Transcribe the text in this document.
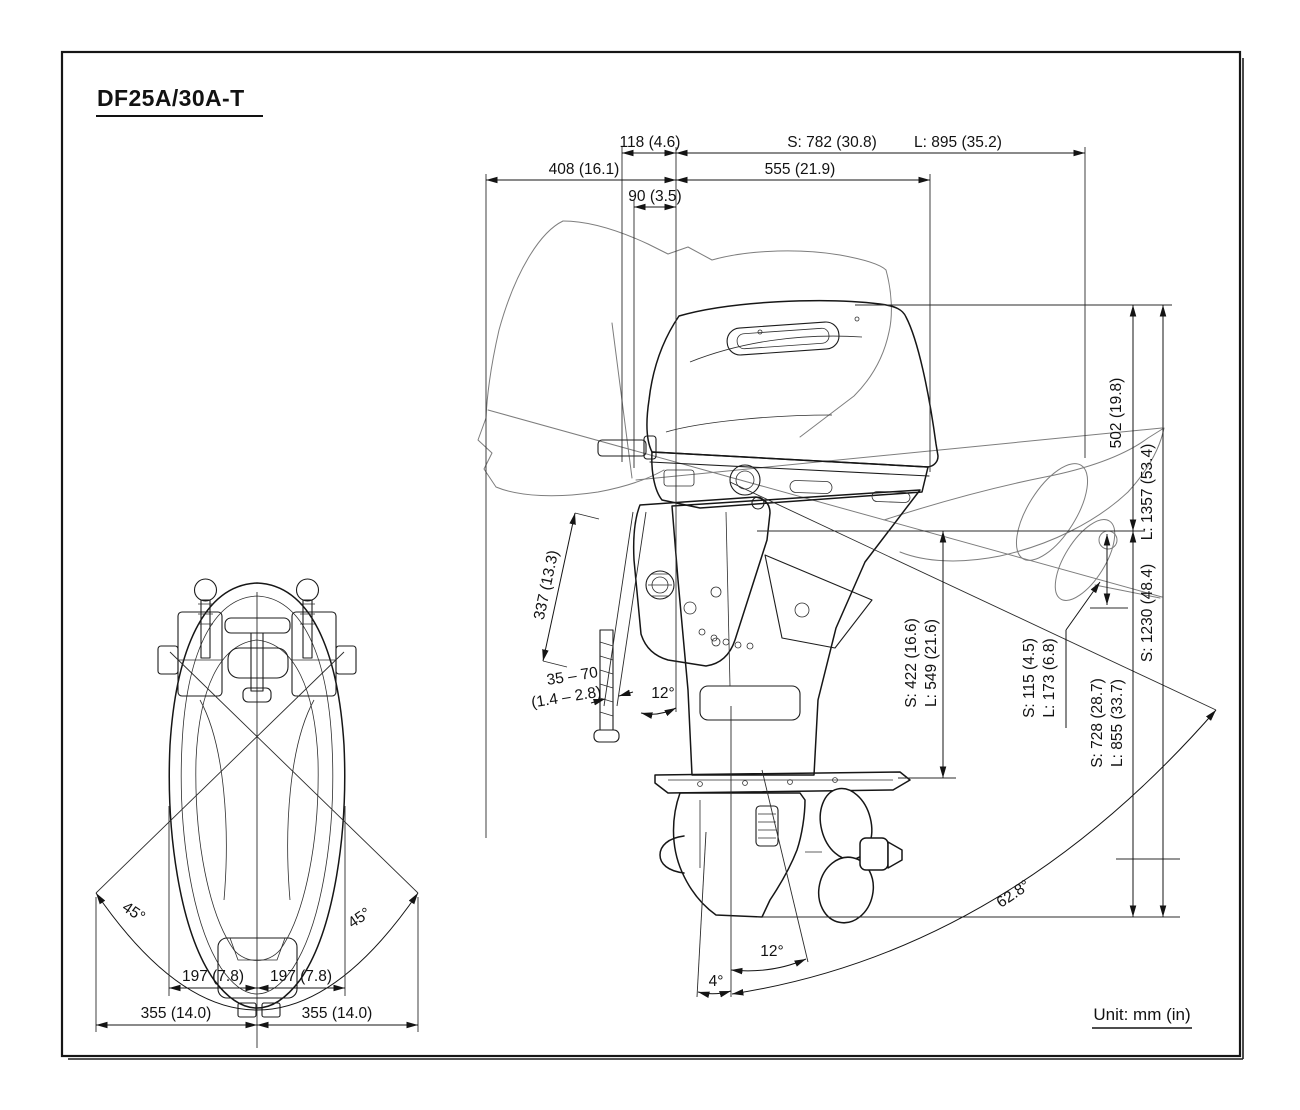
DF25A/30A-T
118 (4.6)	S: 782 (30.8) L: 895 (35.2)
408 (16.1)	555 (21.9)
90 (3.5)
502 (19.8)
S: 1230 (48.4)
L: 1357 (53.4)
S: 728 (28.7) L: 855 (33.7)
S: 422 (16.6) L: 549 (21.6)	S: 115 (4.5) L: 173 (6.8)
337 (13.3)
35 – 70
(1.4 – 2.8)	12°
12°
4°
62.8°
45°	45°
197 (7.8) 197 (7.8)
355 (14.0)	355 (14.0)	Unit: mm (in)
